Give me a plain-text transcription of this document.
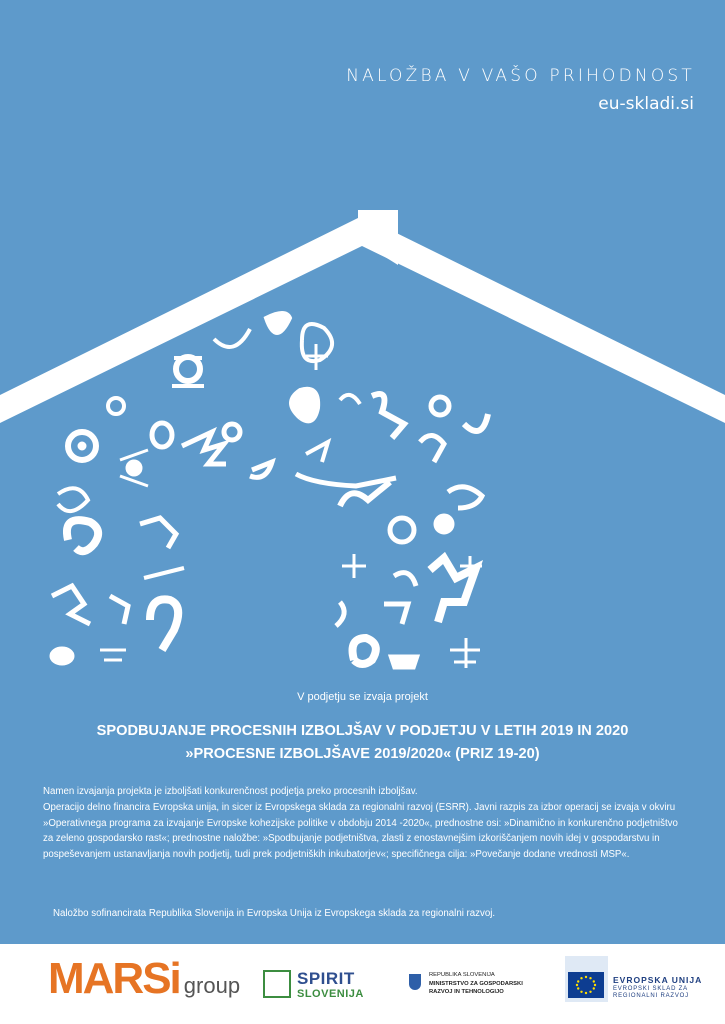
NALOŽBA V VAŠO PRIHODNOST
eu-skladi.si
V podjetju se izvaja projekt
SPODBUJANJE PROCESNIH IZBOLJŠAV V PODJETJU V LETIH 2019 IN 2020
»PROCESNE IZBOLJŠAVE 2019/2020« (PRIZ 19-20)

Namen izvajanja projekta je izboljšati konkurenčnost podjetja preko procesnih izboljšav.

Operacijo delno financira Evropska unija, in sicer iz Evropskega sklada za regionalni razvoj (ESRR). Javni razpis za izbor operacij se izvaja v okviru »Operativnega programa za izvajanje Evropske kohezijske politike v obdobju 2014 -2020«, prednostne osi: »Dinamično in konkurenčno podjetništvo za zeleno gospodarsko rast«; prednostne naložbe: »Spodbujanje podjetništva, zlasti z enostavnejšim izkoriščanjem novih idej v gospodarstvu in pospeševanjem ustanavljanja novih podjetij, tudi prek podjetniških inkubatorjev«; specifičnega cilja: »Povečanje dodane vrednosti MSP«.

Naložbo sofinancirata Republika Slovenija in Evropska Unija iz Evropskega sklada za regionalni razvoj.
MARSi group	SPIRIT
SLOVENIJA
REPUBLIKA SLOVENIJA
MINISTRSTVO ZA GOSPODARSKI RAZVOJ IN TEHNOLOGIJO
EVROPSKA UNIJA
EVROPSKI SKLAD ZA REGIONALNI RAZVOJ
